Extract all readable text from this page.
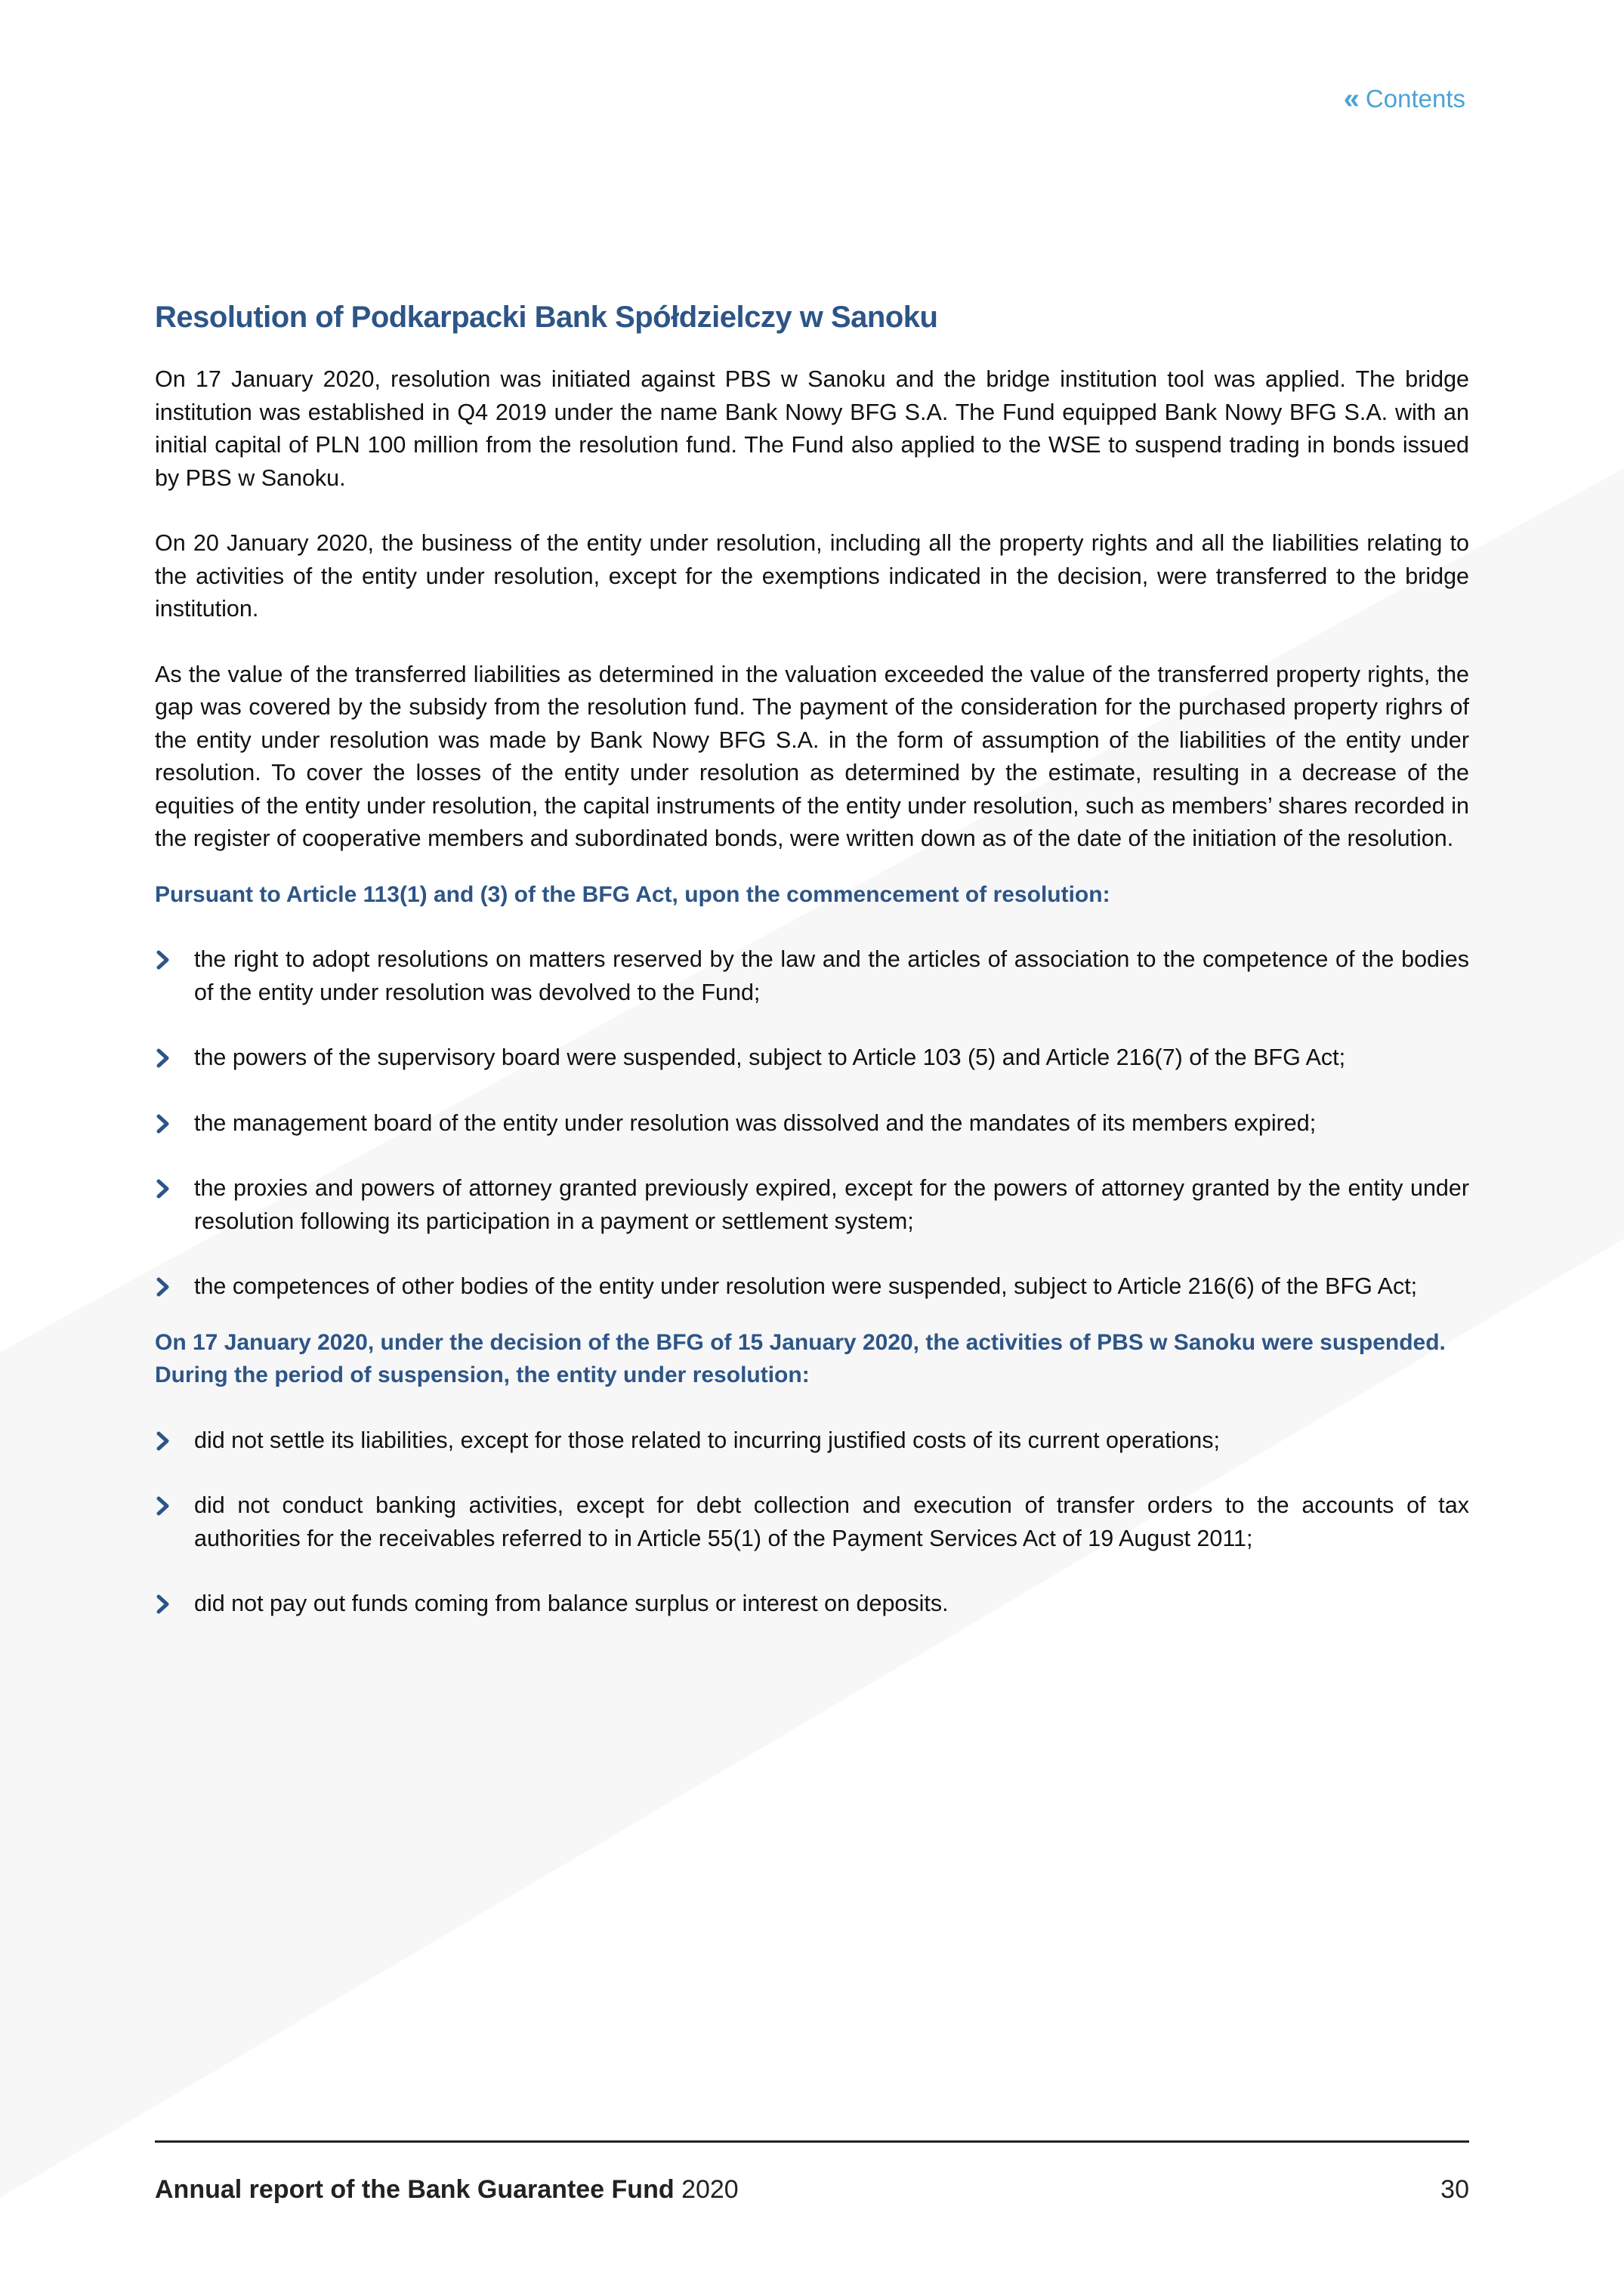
« Contents
Resolution of Podkarpacki Bank Spółdzielczy w Sanoku

On 17 January 2020, resolution was initiated against PBS w Sanoku and the bridge institution tool was applied. The bridge institution was established in Q4 2019 under the name Bank Nowy BFG S.A. The Fund equipped Bank Nowy BFG S.A. with an initial capital of PLN 100 million from the resolution fund. The Fund also applied to the WSE to suspend trading in bonds issued by PBS w Sanoku.

On 20 January 2020, the business of the entity under resolution, including all the property rights and all the liabilities relating to the activities of the entity under resolution, except for the exemptions indicated in the decision, were transferred to the bridge institution.

As the value of the transferred liabilities as determined in the valuation exceeded the value of the transferred property rights, the gap was covered by the subsidy from the resolution fund. The payment of the consideration for the purchased property righrs of the entity under resolution was made by Bank Nowy BFG S.A. in the form of assumption of the liabilities of the entity under resolution. To cover the losses of the entity under resolution as determined by the estimate, resulting in a decrease of the equities of the entity under resolution, the capital instruments of the entity under resolution, such as members’ shares recorded in the register of cooperative members and subordinated bonds, were written down as of the date of the initiation of the resolution.

Pursuant to Article 113(1) and (3) of the BFG Act, upon the commencement of resolution:

the right to adopt resolutions on matters reserved by the law and the articles of association to the competence of the bodies of the entity under resolution was devolved to the Fund;
the powers of the supervisory board were suspended, subject to Article 103 (5) and Article 216(7) of the BFG Act;
the management board of the entity under resolution was dissolved and the mandates of its members expired;
the proxies and powers of attorney granted previously expired, except for the powers of attorney granted by the entity under resolution following its participation in a payment or settlement system;
the competences of other bodies of the entity under resolution were suspended, subject to Article 216(6) of the BFG Act;

On 17 January 2020, under the decision of the BFG of 15 January 2020, the activities of PBS w Sanoku were suspended. During the period of suspension, the entity under resolution:

did not settle its liabilities, except for those related to incurring justified costs of its current operations;
did not conduct banking activities, except for debt collection and execution of transfer orders to the accounts of tax authorities for the receivables referred to in Article 55(1) of the Payment Services Act of 19 August 2011;
did not pay out funds coming from balance surplus or interest on deposits.
Annual report of the Bank Guarantee Fund 2020	30
